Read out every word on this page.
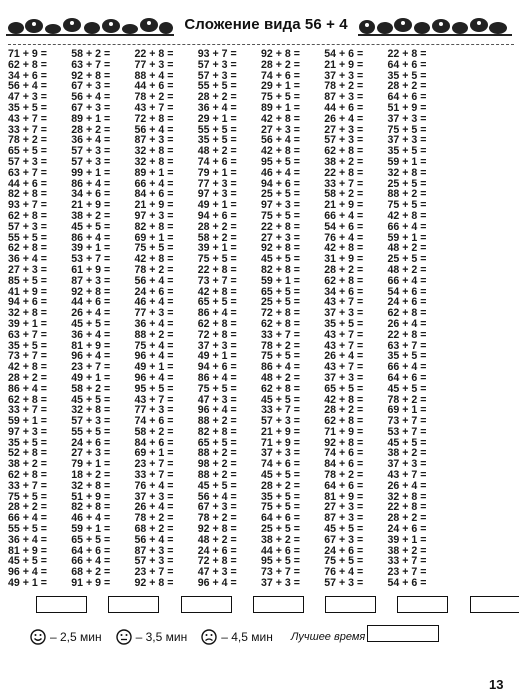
Сложение вида 56 + 4
71 + 9 =
62 + 8 =
34 + 6 =
56 + 4 =
47 + 3 =
35 + 5 =
43 + 7 =
33 + 7 =
78 + 2 =
65 + 5 =
57 + 3 =
63 + 7 =
44 + 6 =
82 + 8 =
93 + 7 =
62 + 8 =
57 + 3 =
55 + 5 =
62 + 8 =
36 + 4 =
27 + 3 =
85 + 5 =
41 + 9 =
94 + 6 =
32 + 8 =
39 + 1 =
63 + 7 =
35 + 5 =
73 + 7 =
42 + 8 =
28 + 2 =
86 + 4 =
62 + 8 =
33 + 7 =
59 + 1 =
97 + 3 =
35 + 5 =
52 + 8 =
38 + 2 =
62 + 8 =
33 + 7 =
75 + 5 =
28 + 2 =
66 + 4 =
55 + 5 =
36 + 4 =
81 + 9 =
45 + 5 =
96 + 4 =
49 + 1 =
58 + 2 =
63 + 7 =
92 + 8 =
67 + 3 =
56 + 4 =
67 + 3 =
89 + 1 =
28 + 2 =
36 + 4 =
57 + 3 =
57 + 3 =
99 + 1 =
86 + 4 =
34 + 6 =
21 + 9 =
38 + 2 =
45 + 5 =
86 + 4 =
39 + 1 =
53 + 7 =
61 + 9 =
87 + 3 =
92 + 8 =
44 + 6 =
26 + 4 =
45 + 5 =
36 + 4 =
81 + 9 =
96 + 4 =
23 + 7 =
49 + 1 =
58 + 2 =
45 + 5 =
32 + 8 =
57 + 3 =
55 + 5 =
24 + 6 =
27 + 3 =
79 + 1 =
18 + 2 =
32 + 8 =
51 + 9 =
82 + 8 =
46 + 4 =
59 + 1 =
65 + 5 =
64 + 6 =
66 + 4 =
68 + 2 =
91 + 9 =
22 + 8 =
77 + 3 =
88 + 4 =
44 + 6 =
78 + 2 =
43 + 7 =
72 + 8 =
56 + 4 =
87 + 3 =
32 + 8 =
32 + 8 =
89 + 1 =
66 + 4 =
84 + 6 =
21 + 9 =
97 + 3 =
82 + 8 =
69 + 1 =
75 + 5 =
42 + 8 =
78 + 2 =
56 + 4 =
24 + 6 =
46 + 4 =
77 + 3 =
36 + 4 =
88 + 2 =
75 + 4 =
96 + 4 =
49 + 1 =
96 + 4 =
95 + 5 =
43 + 7 =
77 + 3 =
74 + 6 =
58 + 2 =
84 + 6 =
69 + 1 =
23 + 7 =
33 + 7 =
76 + 4 =
37 + 3 =
26 + 4 =
78 + 2 =
68 + 2 =
56 + 4 =
87 + 3 =
57 + 3 =
23 + 7 =
92 + 8 =
93 + 7 =
57 + 3 =
57 + 3 =
55 + 5 =
28 + 2 =
36 + 4 =
29 + 1 =
55 + 5 =
35 + 5 =
48 + 2 =
74 + 6 =
79 + 1 =
77 + 3 =
97 + 3 =
49 + 1 =
94 + 6 =
28 + 2 =
58 + 2 =
39 + 1 =
75 + 5 =
22 + 8 =
73 + 7 =
42 + 8 =
65 + 5 =
86 + 4 =
62 + 8 =
72 + 8 =
37 + 3 =
49 + 1 =
94 + 6 =
86 + 4 =
75 + 5 =
47 + 3 =
96 + 4 =
88 + 2 =
82 + 8 =
65 + 5 =
88 + 2 =
98 + 2 =
88 + 2 =
45 + 5 =
56 + 4 =
67 + 3 =
78 + 2 =
92 + 8 =
48 + 2 =
24 + 6 =
72 + 8 =
47 + 3 =
96 + 4 =
92 + 8 =
28 + 2 =
74 + 6 =
29 + 1 =
75 + 5 =
89 + 1 =
42 + 8 =
27 + 3 =
56 + 4 =
42 + 8 =
95 + 5 =
46 + 4 =
94 + 6 =
25 + 5 =
97 + 3 =
75 + 5 =
22 + 8 =
27 + 3 =
92 + 8 =
45 + 5 =
82 + 8 =
59 + 1 =
65 + 5 =
25 + 5 =
72 + 8 =
62 + 8 =
33 + 7 =
78 + 2 =
75 + 5 =
86 + 4 =
48 + 2 =
62 + 8 =
45 + 5 =
33 + 7 =
57 + 3 =
21 + 9 =
71 + 9 =
37 + 3 =
74 + 6 =
45 + 5 =
28 + 2 =
35 + 5 =
75 + 5 =
64 + 6 =
25 + 5 =
38 + 2 =
44 + 6 =
95 + 5 =
73 + 7 =
37 + 3 =
54 + 6 =
21 + 9 =
37 + 3 =
78 + 2 =
87 + 3 =
44 + 6 =
26 + 4 =
27 + 3 =
57 + 3 =
62 + 8 =
38 + 2 =
22 + 8 =
33 + 7 =
58 + 2 =
21 + 9 =
66 + 4 =
54 + 6 =
76 + 4 =
42 + 8 =
31 + 9 =
28 + 2 =
62 + 8 =
34 + 6 =
43 + 7 =
37 + 3 =
35 + 5 =
43 + 7 =
43 + 7 =
26 + 4 =
43 + 7 =
37 + 3 =
65 + 5 =
42 + 8 =
28 + 2 =
62 + 8 =
71 + 9 =
92 + 8 =
74 + 6 =
84 + 6 =
78 + 2 =
64 + 6 =
81 + 9 =
27 + 3 =
87 + 3 =
45 + 5 =
67 + 3 =
24 + 6 =
75 + 5 =
76 + 4 =
57 + 3 =
22 + 8 =
64 + 6 =
35 + 5 =
28 + 2 =
64 + 6 =
51 + 9 =
37 + 3 =
75 + 5 =
37 + 3 =
35 + 5 =
59 + 1 =
32 + 8 =
25 + 5 =
88 + 2 =
75 + 5 =
42 + 8 =
66 + 4 =
59 + 1 =
48 + 2 =
25 + 5 =
48 + 2 =
66 + 4 =
54 + 6 =
24 + 6 =
62 + 8 =
26 + 4 =
22 + 8 =
63 + 7 =
35 + 5 =
66 + 4 =
64 + 6 =
45 + 5 =
78 + 2 =
69 + 1 =
73 + 7 =
53 + 7 =
45 + 5 =
38 + 2 =
37 + 3 =
43 + 7 =
26 + 4 =
32 + 8 =
22 + 8 =
28 + 2 =
24 + 6 =
39 + 1 =
38 + 2 =
33 + 7 =
23 + 7 =
54 + 6 =
– 2,5 мин	– 3,5 мин	– 4,5 мин Лучшее время
13
